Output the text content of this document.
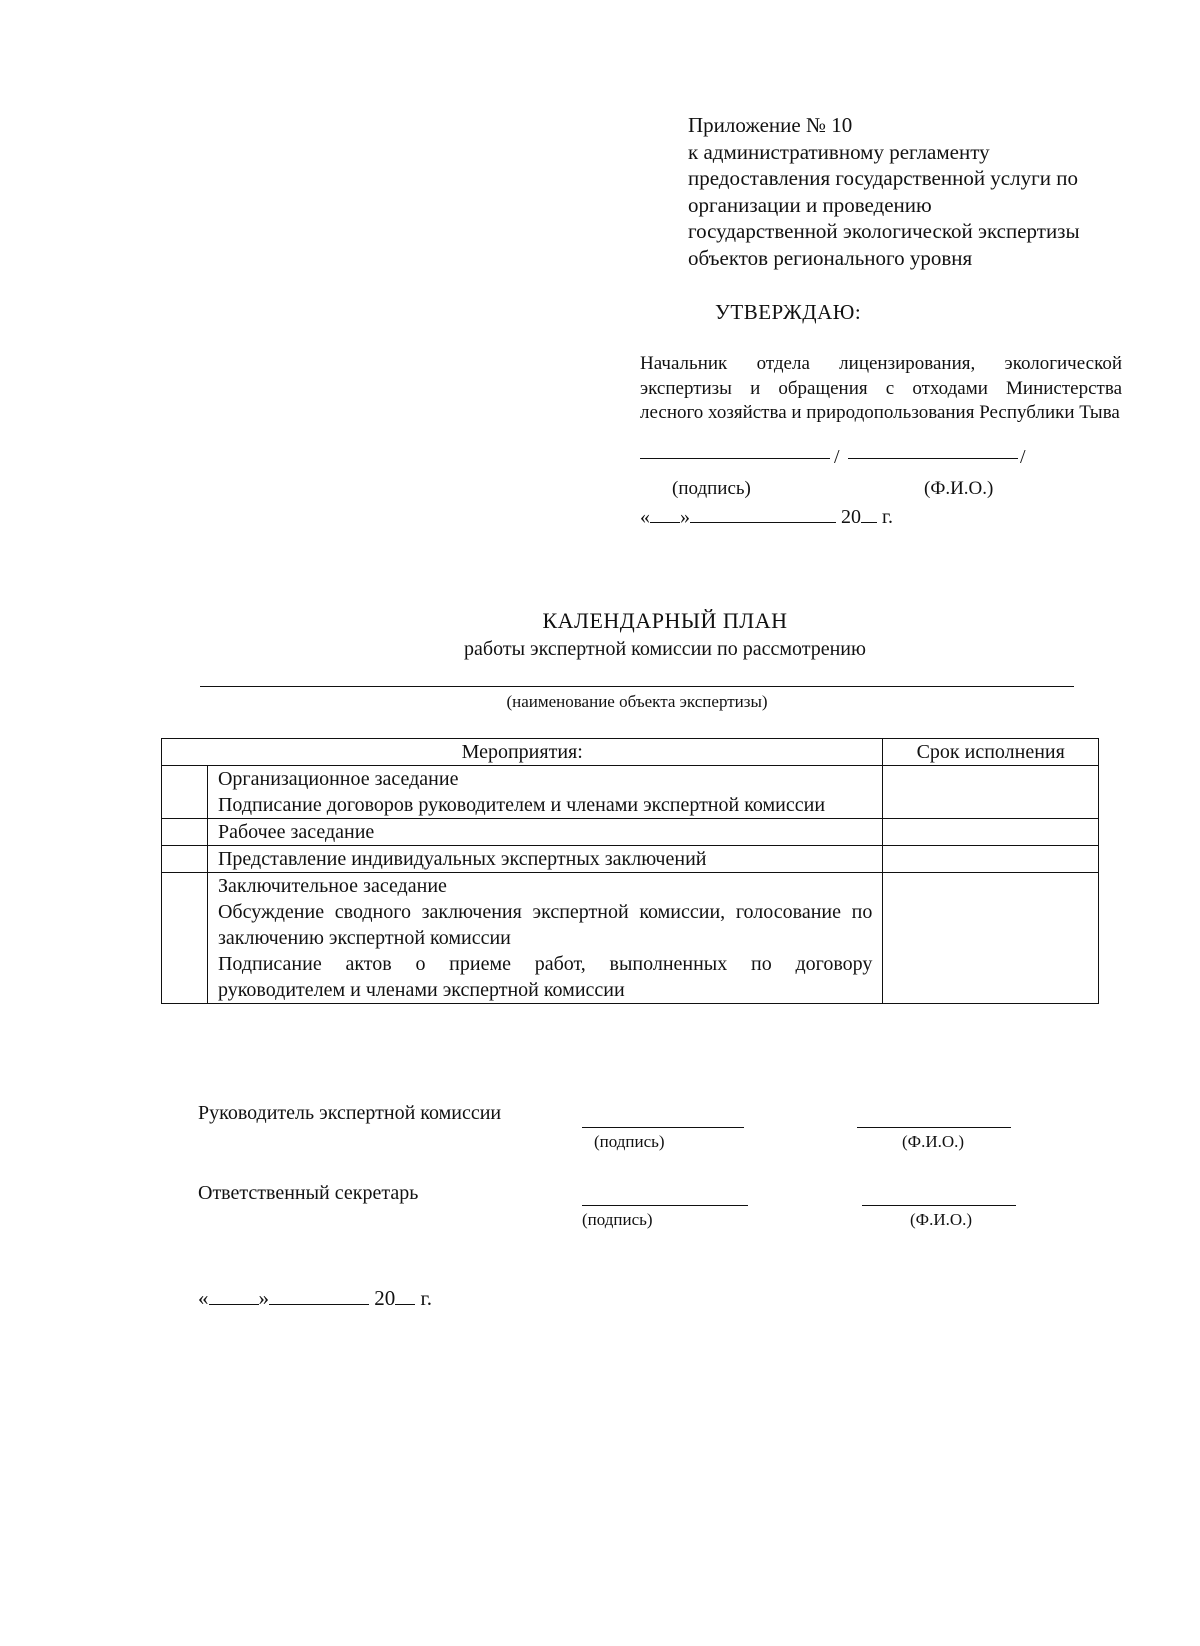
Приложение № 10
к административному регламенту
предоставления государственной услуги по
организации и проведению
государственной экологической экспертизы
объектов регионального уровня
УТВЕРЖДАЮ:
Начальник отдела лицензирования, экологической экспертизы и обращения с отходами Министерства лесного хозяйства и природопользования Республики Тыва
/	/
(подпись)	(Ф.И.О.)
« »	20 г.
КАЛЕНДАРНЫЙ ПЛАН
работы экспертной комиссии по рассмотрению
(наименование объекта экспертизы)
Мероприятия:		Срок исполнения

	Организационное заседание
Подписание договоров руководителем и членами экспертной комиссии	

	Рабочее заседание	

	Представление индивидуальных экспертных заключений	

	Заключительное заседание
Обсуждение сводного заключения экспертной комиссии, голосование по заключению экспертной комиссии
Подписание актов о приеме работ, выполненных по договору руководителем и членами экспертной комиссии	

Руководитель экспертной комиссии
(подпись)	(Ф.И.О.)
Ответственный секретарь
(подпись)	(Ф.И.О.)
« »	20 г.
